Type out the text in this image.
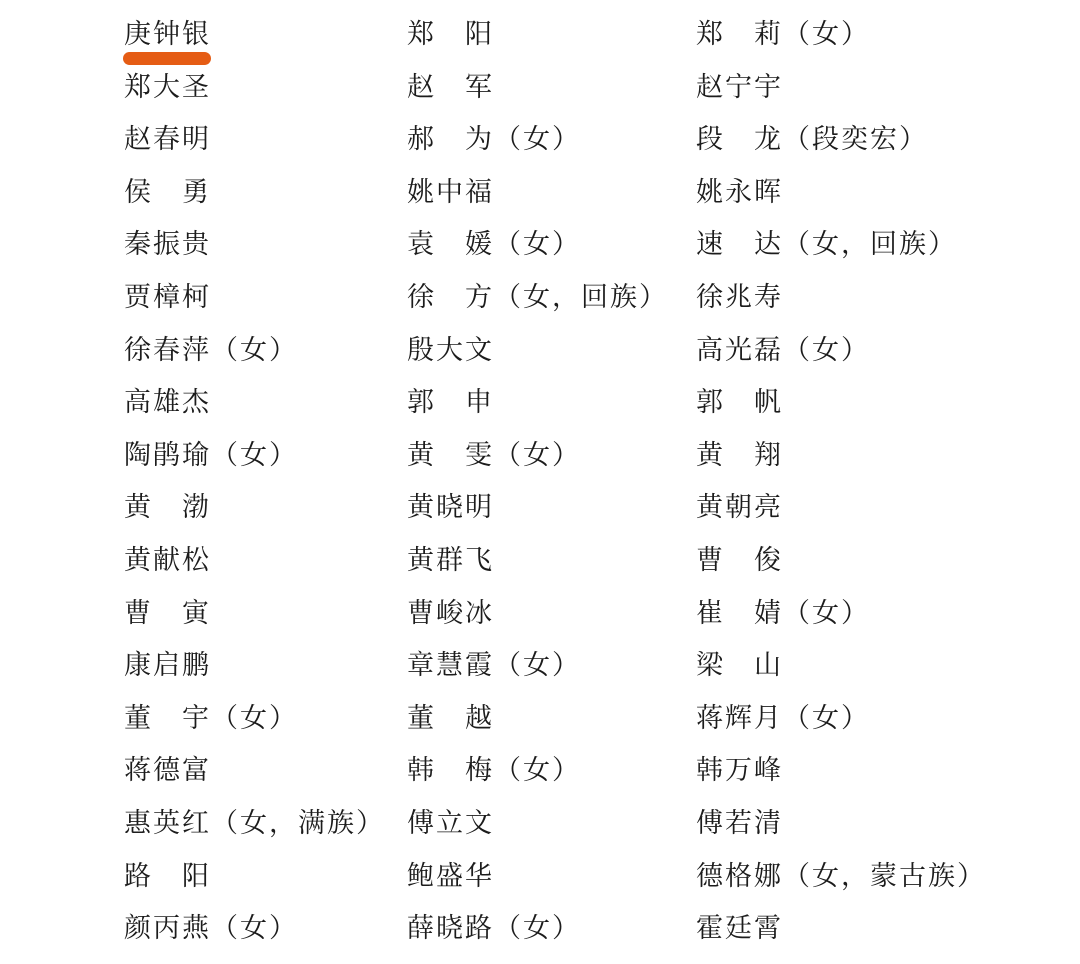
庚钟银
郑大圣
赵春明
侯　勇
秦振贵
贾樟柯
徐春萍（女）
高雄杰
陶鹃瑜（女）
黄　渤
黄献松
曹　寅
康启鹏
董　宇（女）
蒋德富
惠英红（女，满族）
路　阳
颜丙燕（女）
郑　阳
赵　军
郝　为（女）
姚中福
袁　媛（女）
徐　方（女，回族）
殷大文
郭　申
黄　雯（女）
黄晓明
黄群飞
曹峻冰
章慧霞（女）
董　越
韩　梅（女）
傅立文
鲍盛华
薛晓路（女）
郑　莉（女）
赵宁宇
段　龙（段奕宏）
姚永晖
速　达（女，回族）
徐兆寿
高光磊（女）
郭　帆
黄　翔
黄朝亮
曹　俊
崔　婧（女）
梁　山
蒋辉月（女）
韩万峰
傅若清
德格娜（女，蒙古族）
霍廷霄
